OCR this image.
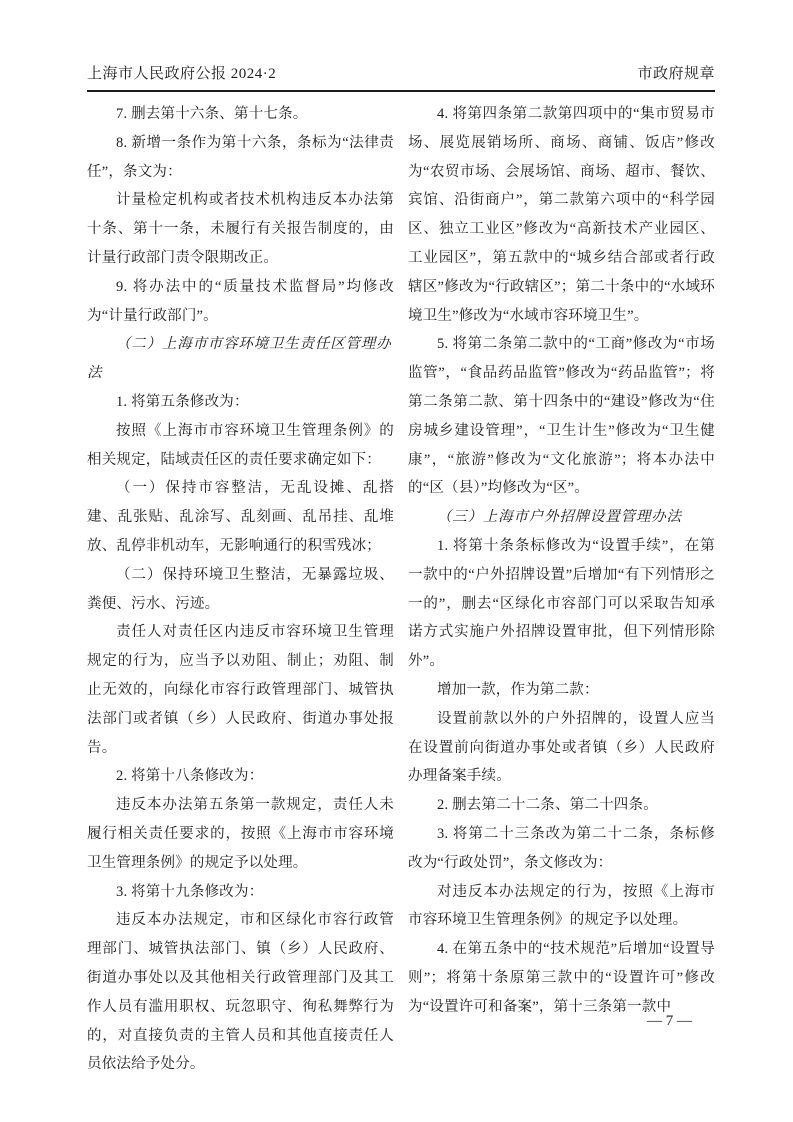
上海市人民政府公报 2024·2	市政府规章

7. 删去第十六条、第十七条。

8. 新增一条作为第十六条，条标为“法律责任”，条文为：

计量检定机构或者技术机构违反本办法第十条、第十一条，未履行有关报告制度的，由计量行政部门责令限期改正。

9. 将办法中的“质量技术监督局”均修改为“计量行政部门”。

（二）上海市市容环境卫生责任区管理办法

1. 将第五条修改为：

按照《上海市市容环境卫生管理条例》的相关规定，陆域责任区的责任要求确定如下：

（一）保持市容整洁，无乱设摊、乱搭建、乱张贴、乱涂写、乱刻画、乱吊挂、乱堆放、乱停非机动车，无影响通行的积雪残冰；

（二）保持环境卫生整洁，无暴露垃圾、粪便、污水、污迹。

责任人对责任区内违反市容环境卫生管理规定的行为，应当予以劝阻、制止；劝阻、制止无效的，向绿化市容行政管理部门、城管执法部门或者镇（乡）人民政府、街道办事处报告。

2. 将第十八条修改为：

违反本办法第五条第一款规定，责任人未履行相关责任要求的，按照《上海市市容环境卫生管理条例》的规定予以处理。

3. 将第十九条修改为：

违反本办法规定，市和区绿化市容行政管理部门、城管执法部门、镇（乡）人民政府、街道办事处以及其他相关行政管理部门及其工作人员有滥用职权、玩忽职守、徇私舞弊行为的，对直接负责的主管人员和其他直接责任人员依法给予处分。

4. 将第四条第二款第四项中的“集市贸易市场、展览展销场所、商场、商铺、饭店”修改为“农贸市场、会展场馆、商场、超市、餐饮、宾馆、沿街商户”，第二款第六项中的“科学园区、独立工业区”修改为“高新技术产业园区、工业园区”，第五款中的“城乡结合部或者行政辖区”修改为“行政辖区”；第二十条中的“水域环境卫生”修改为“水域市容环境卫生”。

5. 将第二条第二款中的“工商”修改为“市场监管”，“食品药品监管”修改为“药品监管”；将第二条第二款、第十四条中的“建设”修改为“住房城乡建设管理”，“卫生计生”修改为“卫生健康”，“旅游”修改为“文化旅游”；将本办法中的“区（县）”均修改为“区”。

（三）上海市户外招牌设置管理办法

1. 将第十条条标修改为“设置手续”，在第一款中的“户外招牌设置”后增加“有下列情形之一的”，删去“区绿化市容部门可以采取告知承诺方式实施户外招牌设置审批，但下列情形除外”。

增加一款，作为第二款：

设置前款以外的户外招牌的，设置人应当在设置前向街道办事处或者镇（乡）人民政府办理备案手续。

2. 删去第二十二条、第二十四条。

3. 将第二十三条改为第二十二条，条标修改为“行政处罚”，条文修改为：

对违反本办法规定的行为，按照《上海市市容环境卫生管理条例》的规定予以处理。

4. 在第五条中的“技术规范”后增加“设置导则”；将第十条原第三款中的“设置许可”修改为“设置许可和备案”，第十三条第一款中

— 7 —
